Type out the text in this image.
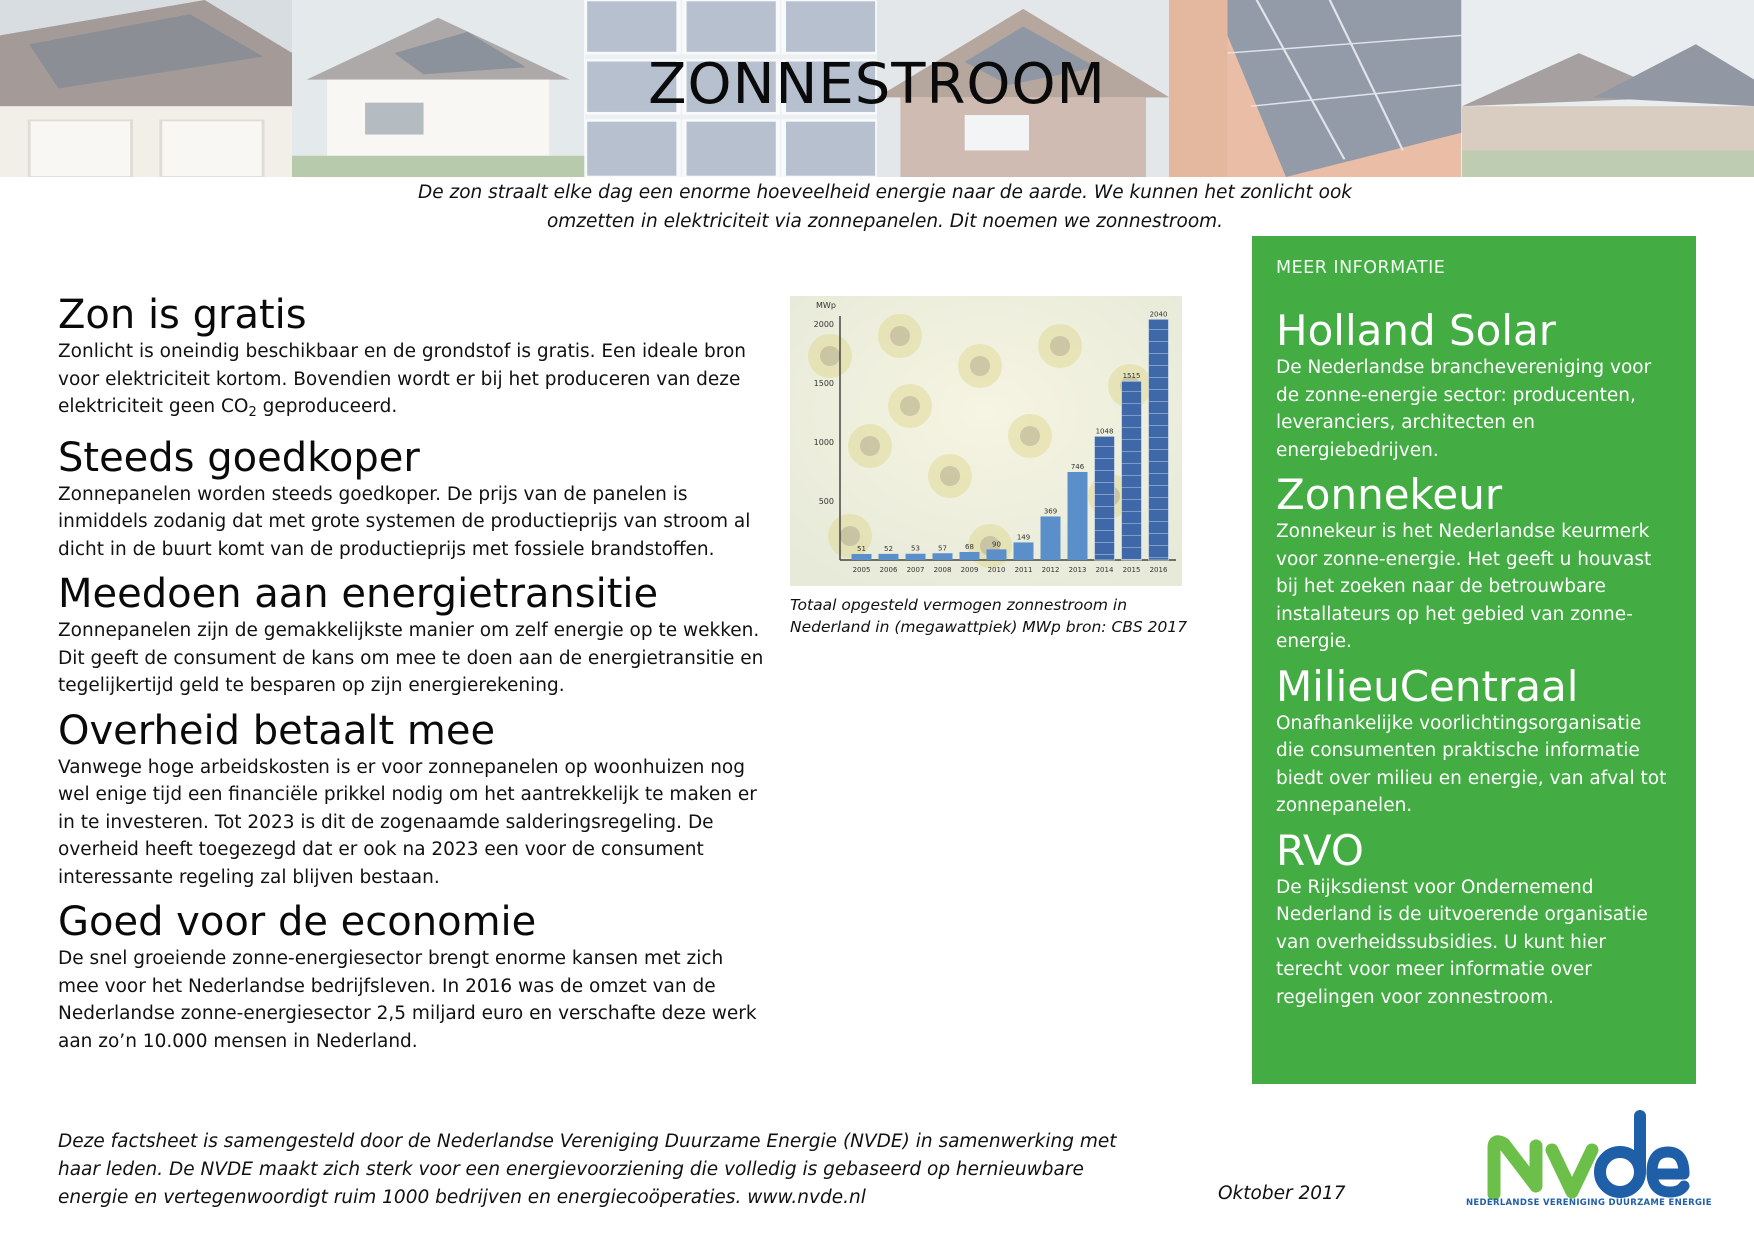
ZONNESTROOM
De zon straalt elke dag een enorme hoeveelheid energie naar de aarde. We kunnen het zonlicht ook omzetten in elektriciteit via zonnepanelen. Dit noemen we zonnestroom.
Zon is gratis

Zonlicht is oneindig beschikbaar en de grondstof is gratis. Een ideale bron voor elektriciteit kortom. Bovendien wordt er bij het produceren van deze elektriciteit geen $CO_2$ geproduceerd.

Steeds goedkoper

Zonnepanelen worden steeds goedkoper. De prijs van de panelen is inmiddels zodanig dat met grote systemen de productieprijs van stroom al dicht in de buurt komt van de productieprijs met fossiele brandstoffen.

Meedoen aan energietransitie

Zonnepanelen zijn de gemakkelijkste manier om zelf energie op te wekken. Dit geeft de consument de kans om mee te doen aan de energietransitie en tegelijkertijd geld te besparen op zijn energierekening.

Overheid betaalt mee

Vanwege hoge arbeidskosten is er voor zonnepanelen op woonhuizen nog wel enige tijd een financiële prikkel nodig om het aantrekkelijk te maken er in te investeren. Tot 2023 is dit de zogenaamde salderingsregeling. De overheid heeft toegezegd dat er ook na 2023 een voor de consument interessante regeling zal blijven bestaan.

Goed voor de economie

De snel groeiende zonne-energiesector brengt enorme kansen met zich mee voor het Nederlandse bedrijfsleven. In 2016 was de omzet van de Nederlandse zonne-energiesector 2,5 miljard euro en verschafte deze werk aan zo’n 10.000 mensen in Nederland.

MWp
500
1000
1500
2000
51
2005
52
2006
53
2007
57
2008
68
2009
90
2010
149
2011
369
2012
746
2013
1048
2014
1515
2015
2040
2016
Totaal opgesteld vermogen zonnestroom in Nederland in (megawattpiek) MWp bron: CBS 2017
MEER INFORMATIE
Holland Solar

De Nederlandse branchevereniging voor de zonne-energie sector: producenten, leveranciers, architecten en energiebedrijven.

Zonnekeur

Zonnekeur is het Nederlandse keurmerk voor zonne-energie. Het geeft u houvast bij het zoeken naar de betrouwbare installateurs op het gebied van zonne-energie.

MilieuCentraal

Onafhankelijke voorlichtingsorganisatie die consumenten praktische informatie biedt over milieu en energie, van afval tot zonnepanelen.

RVO

De Rijksdienst voor Ondernemend Nederland is de uitvoerende organisatie van overheidssubsidies. U kunt hier terecht voor meer informatie over regelingen voor zonnestroom.

Deze factsheet is samengesteld door de Nederlandse Vereniging Duurzame Energie (NVDE) in samenwerking met haar leden. De NVDE maakt zich sterk voor een energievoorziening die volledig is gebaseerd op hernieuwbare energie en vertegenwoordigt ruim 1000 bedrijven en energiecoöperaties. www.nvde.nl	Oktober 2017	NEDERLANDSE VERENIGING DUURZAME ENERGIE
